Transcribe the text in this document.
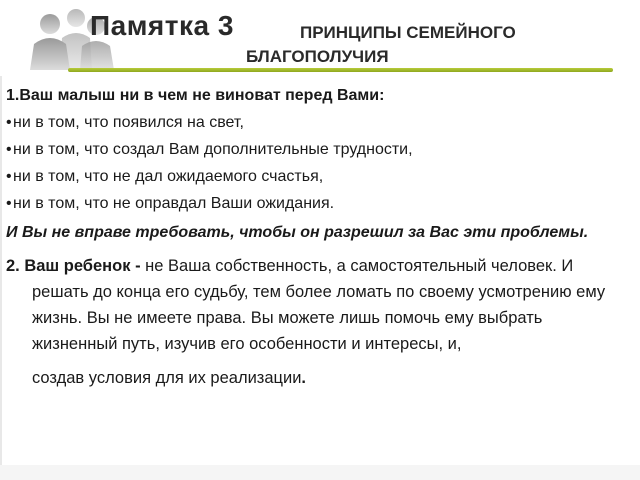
Памятка 3	ПРИНЦИПЫ СЕМЕЙНОГО
БЛАГОПОЛУЧИЯ

1.Ваш малыш ни в чем не виноват перед Вами:

•ни в том, что появился на свет,

•ни в том, что создал Вам дополнительные трудности,

•ни в том, что не дал ожидаемого счастья,

•ни в том, что не оправдал Ваши ожидания.

И Вы не вправе требовать, чтобы он разрешил за Вас эти проблемы.

2. Ваш ребенок - не Ваша собственность, а самостоятельный человек. И решать до конца его судьбу, тем более ломать по своему усмотрению ему жизнь. Вы не имеете права. Вы можете лишь помочь ему выбрать жизненный путь, изучив его особенности и интересы, и,
создав условия для их реализации.
